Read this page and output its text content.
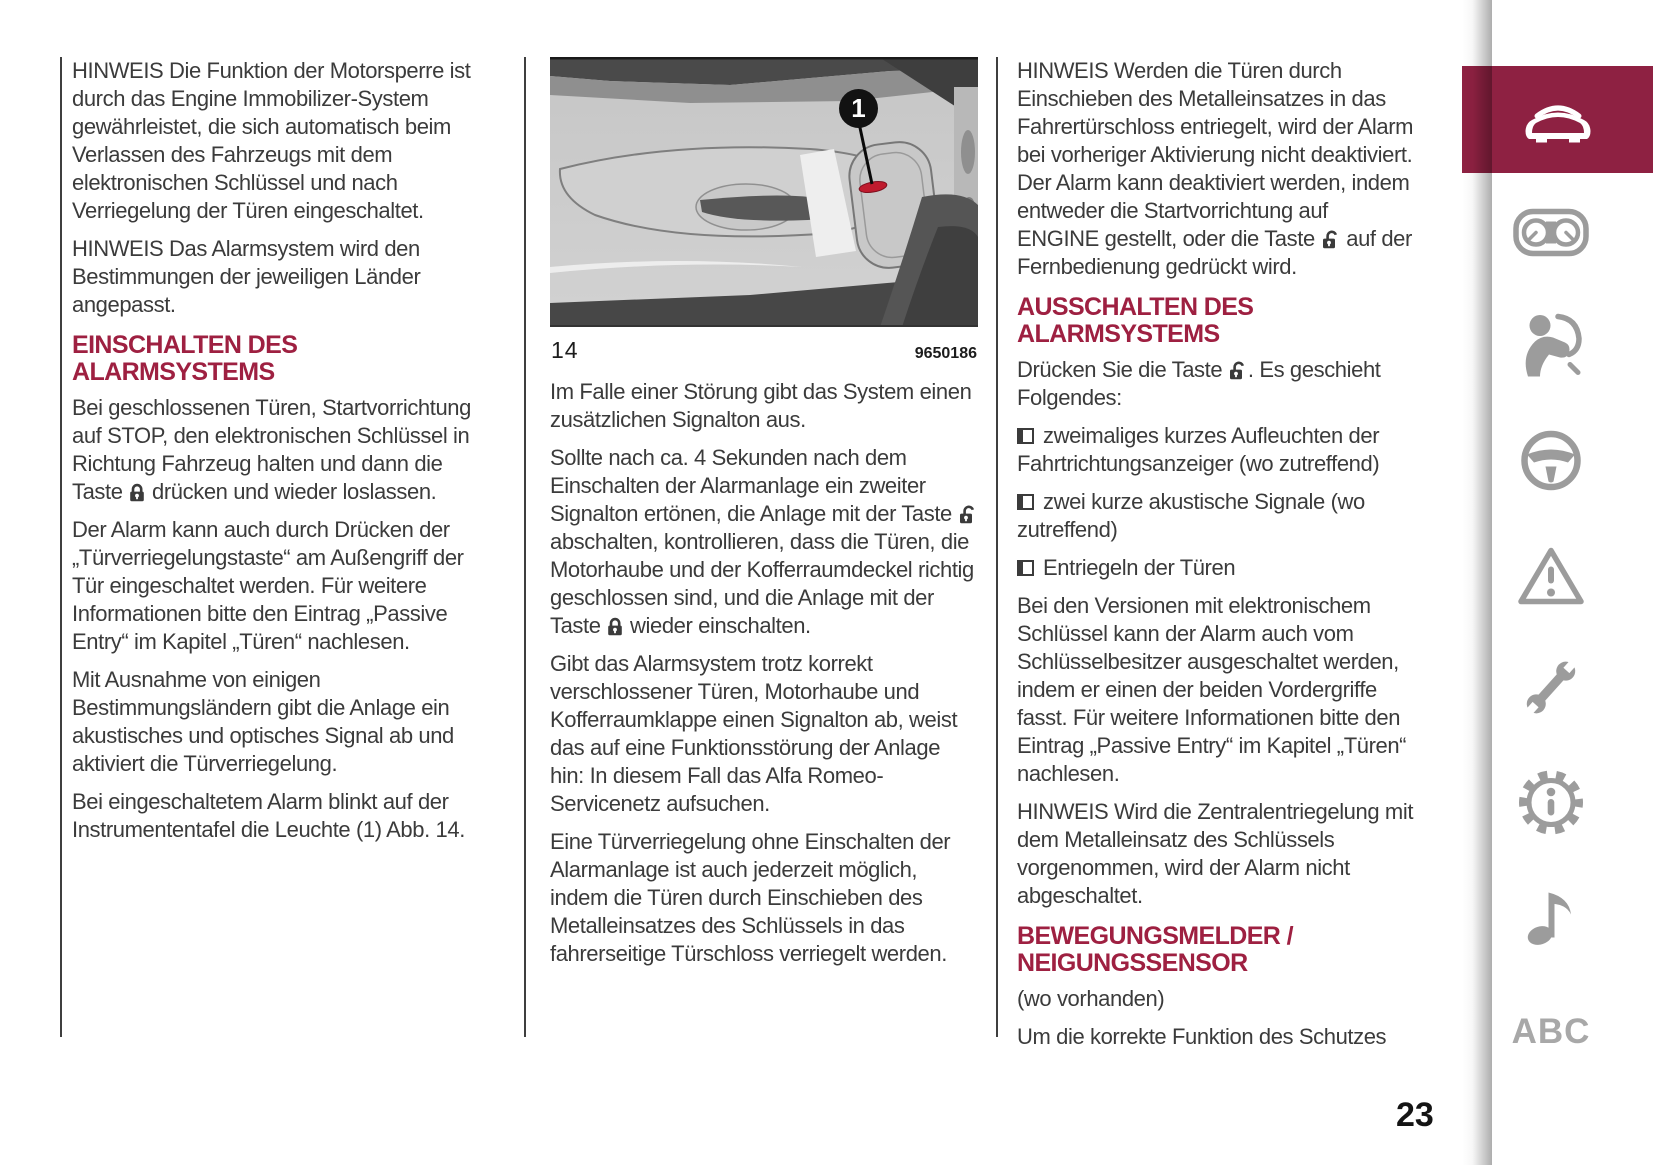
HINWEIS Die Funktion der Motorsperre ist durch das Engine Immobilizer-System gewährleistet, die sich automatisch beim Verlassen des Fahrzeugs mit dem elektronischen Schlüssel und nach Verriegelung der Türen eingeschaltet.

HINWEIS Das Alarmsystem wird den Bestimmungen der jeweiligen Länder angepasst.

EINSCHALTEN DES ALARMSYSTEMS

Bei geschlossenen Türen, Startvorrichtung auf STOP, den elektronischen Schlüssel in Richtung Fahrzeug halten und dann die Taste drücken und wieder loslassen.

Der Alarm kann auch durch Drücken der „Türverriegelungstaste“ am Außengriff der Tür eingeschaltet werden. Für weitere Informationen bitte den Eintrag „Passive Entry“ im Kapitel „Türen“ nachlesen.

Mit Ausnahme von einigen Bestimmungsländern gibt die Anlage ein akustisches und optisches Signal ab und aktiviert die Türverriegelung.

Bei eingeschaltetem Alarm blinkt auf der Instrumententafel die Leuchte (1) Abb. 14.

1
14	9650186

Im Falle einer Störung gibt das System einen zusätzlichen Signalton aus.

Sollte nach ca. 4 Sekunden nach dem Einschalten der Alarmanlage ein zweiter Signalton ertönen, die Anlage mit der Taste  abschalten, kontrollieren, dass die Türen, die Motorhaube und der Kofferraumdeckel richtig geschlossen sind, und die Anlage mit der Taste wieder einschalten.

Gibt das Alarmsystem trotz korrekt verschlossener Türen, Motorhaube und Kofferraumklappe einen Signalton ab, weist das auf eine Funktionsstörung der Anlage hin: In diesem Fall das Alfa Romeo-Servicenetz aufsuchen.

Eine Türverriegelung ohne Einschalten der Alarmanlage ist auch jederzeit möglich, indem die Türen durch Einschieben des Metalleinsatzes des Schlüssels in das fahrerseitige Türschloss verriegelt werden.

HINWEIS Werden die Türen durch Einschieben des Metalleinsatzes in das Fahrertürschloss entriegelt, wird der Alarm bei vorheriger Aktivierung nicht deaktiviert. Der Alarm kann deaktiviert werden, indem entweder die Startvorrichtung auf ENGINE gestellt, oder die Taste auf der Fernbedienung gedrückt wird.

AUSSCHALTEN DES ALARMSYSTEMS

Drücken Sie die Taste . Es geschieht Folgendes:

zweimaliges kurzes Aufleuchten der Fahrtrichtungsanzeiger (wo zutreffend)

zwei kurze akustische Signale (wo zutreffend)

Entriegeln der Türen

Bei den Versionen mit elektronischem Schlüssel kann der Alarm auch vom Schlüsselbesitzer ausgeschaltet werden, indem er einen der beiden Vordergriffe fasst. Für weitere Informationen bitte den Eintrag „Passive Entry“ im Kapitel „Türen“ nachlesen.

HINWEIS Wird die Zentralentriegelung mit dem Metalleinsatz des Schlüssels vorgenommen, wird der Alarm nicht abgeschaltet.

BEWEGUNGSMELDER / NEIGUNGSSENSOR

(wo vorhanden)

Um die korrekte Funktion des Schutzes	ABC
23
